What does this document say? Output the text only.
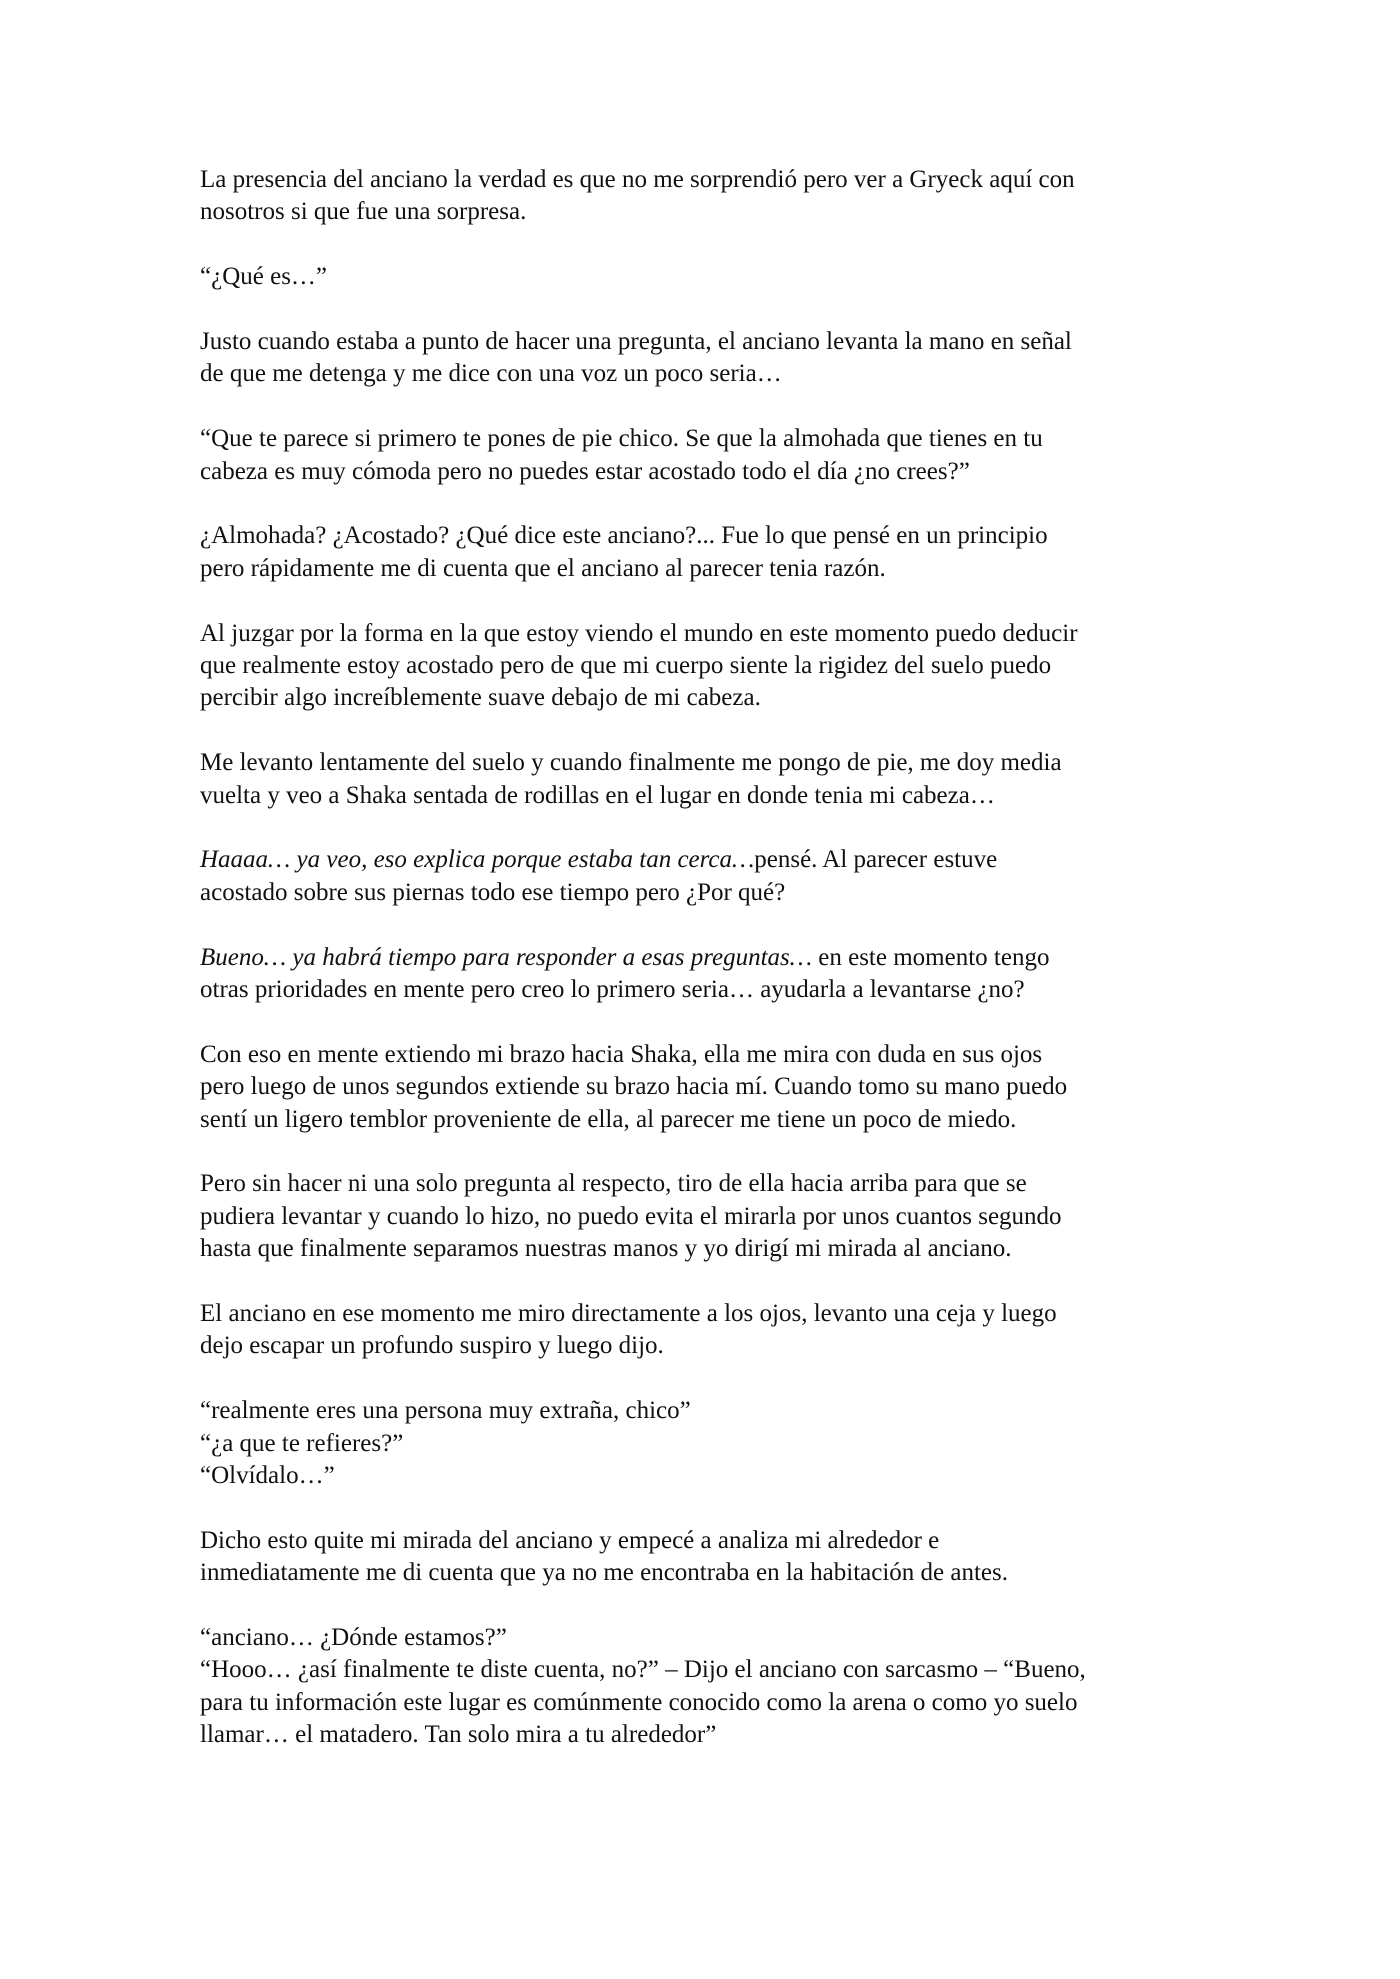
La presencia del anciano la verdad es que no me sorprendió pero ver a Gryeck aquí con
nosotros si que fue una sorpresa.

“¿Qué es…”

Justo cuando estaba a punto de hacer una pregunta, el anciano levanta la mano en señal
de que me detenga y me dice con una voz un poco seria…

“Que te parece si primero te pones de pie chico. Se que la almohada que tienes en tu
cabeza es muy cómoda pero no puedes estar acostado todo el día ¿no crees?”

¿Almohada? ¿Acostado? ¿Qué dice este anciano?... Fue lo que pensé en un principio
pero rápidamente me di cuenta que el anciano al parecer tenia razón.

Al juzgar por la forma en la que estoy viendo el mundo en este momento puedo deducir
que realmente estoy acostado pero de que mi cuerpo siente la rigidez del suelo puedo
percibir algo increíblemente suave debajo de mi cabeza.

Me levanto lentamente del suelo y cuando finalmente me pongo de pie, me doy media
vuelta y veo a Shaka sentada de rodillas en el lugar en donde tenia mi cabeza…

Haaaa… ya veo, eso explica porque estaba tan cerca…pensé. Al parecer estuve
acostado sobre sus piernas todo ese tiempo pero ¿Por qué?

Bueno… ya habrá tiempo para responder a esas preguntas… en este momento tengo
otras prioridades en mente pero creo lo primero seria… ayudarla a levantarse ¿no?

Con eso en mente extiendo mi brazo hacia Shaka, ella me mira con duda en sus ojos
pero luego de unos segundos extiende su brazo hacia mí. Cuando tomo su mano puedo
sentí un ligero temblor proveniente de ella, al parecer me tiene un poco de miedo.

Pero sin hacer ni una solo pregunta al respecto, tiro de ella hacia arriba para que se
pudiera levantar y cuando lo hizo, no puedo evita el mirarla por unos cuantos segundo
hasta que finalmente separamos nuestras manos y yo dirigí mi mirada al anciano.

El anciano en ese momento me miro directamente a los ojos, levanto una ceja y luego
dejo escapar un profundo suspiro y luego dijo.

“realmente eres una persona muy extraña, chico”
“¿a que te refieres?”
“Olvídalo…”

Dicho esto quite mi mirada del anciano y empecé a analiza mi alrededor e
inmediatamente me di cuenta que ya no me encontraba en la habitación de antes.

“anciano… ¿Dónde estamos?”
“Hooo… ¿así finalmente te diste cuenta, no?” – Dijo el anciano con sarcasmo – “Bueno,
para tu información este lugar es comúnmente conocido como la arena o como yo suelo
llamar… el matadero. Tan solo mira a tu alrededor”
